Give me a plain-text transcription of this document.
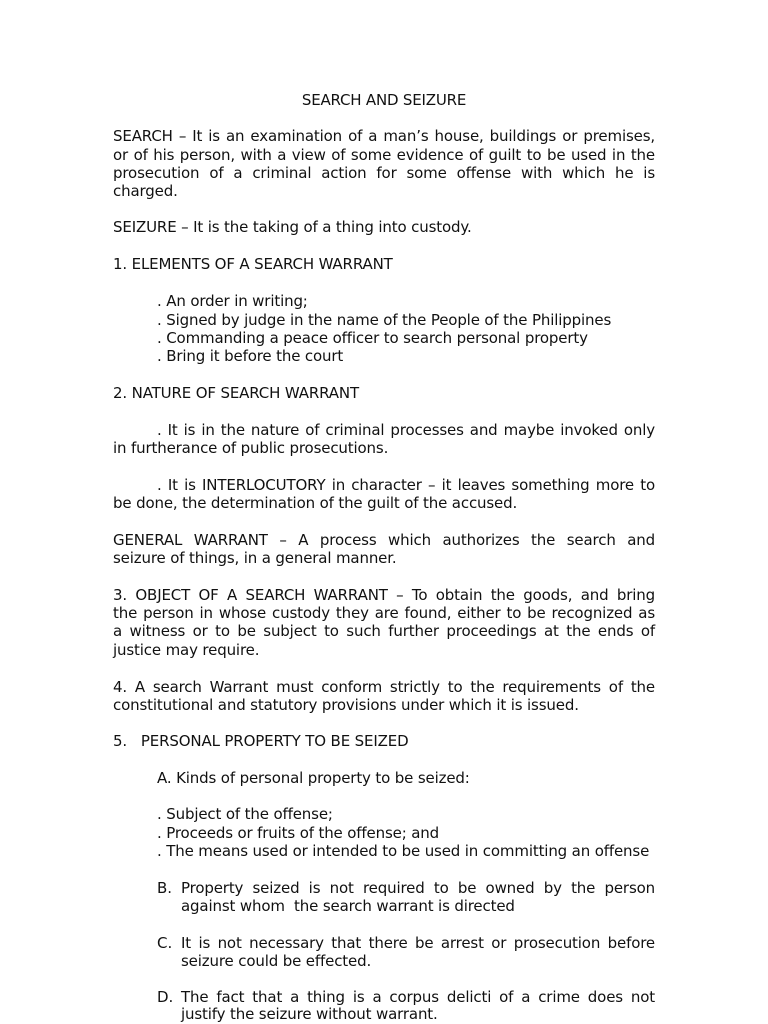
SEARCH AND SEIZURE
SEARCH – It is an examination of a man’s house, buildings or premises,
or of his person, with a view of some evidence of guilt to be used in the
prosecution of a criminal action for some offense with which he is
charged.
SEIZURE – It is the taking of a thing into custody.
1. ELEMENTS OF A SEARCH WARRANT
. An order in writing;
. Signed by judge in the name of the People of the Philippines
. Commanding a peace officer to search personal property
. Bring it before the court
2. NATURE OF SEARCH WARRANT
. It is in the nature of criminal processes and maybe invoked only
in furtherance of public prosecutions.
. It is INTERLOCUTORY in character – it leaves something more to
be done, the determination of the guilt of the accused.
GENERAL WARRANT – A process which authorizes the search and
seizure of things, in a general manner.
3. OBJECT OF A SEARCH WARRANT – To obtain the goods, and bring
the person in whose custody they are found, either to be recognized as
a witness or to be subject to such further proceedings at the ends of
justice may require.
4. A search Warrant must conform strictly to the requirements of the
constitutional and statutory provisions under which it is issued.
5.   PERSONAL PROPERTY TO BE SEIZED
A. Kinds of personal property to be seized:
. Subject of the offense;
. Proceeds or fruits of the offense; and
. The means used or intended to be used in committing an offense
B. Property seized is not required to be owned by the person
against whom  the search warrant is directed
C. It is not necessary that there be arrest or prosecution before
seizure could be effected.
D. The fact that a thing is a corpus delicti of a crime does not
justify the seizure without warrant.
